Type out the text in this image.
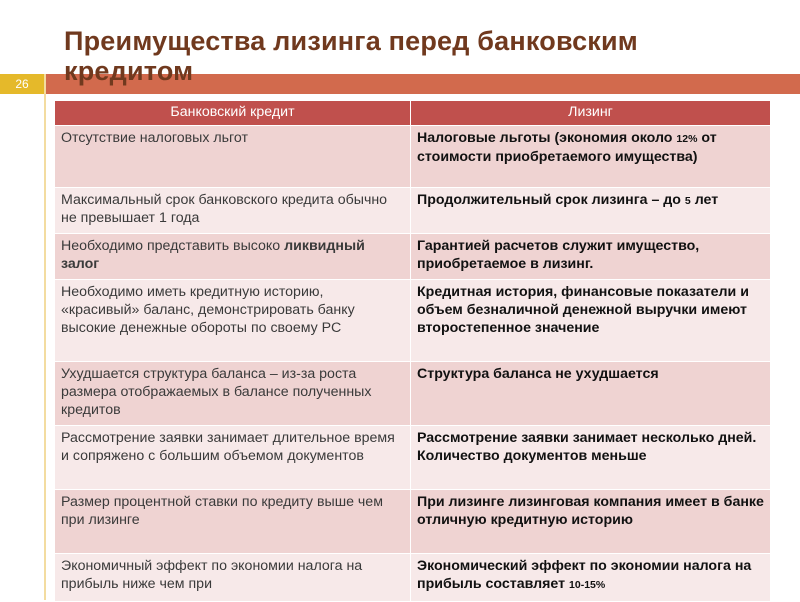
Преимущества лизинга перед банковским кредитом
26
Банковский кредит	Лизинг
Отсутствие налоговых льгот	Налоговые льготы (экономия около 12% от стоимости приобретаемого имущества)
Максимальный срок банковского кредита обычно не превышает 1 года	Продолжительный срок лизинга – до 5 лет
Необходимо представить высоко ликвидный залог	Гарантией расчетов служит имущество, приобретаемое в лизинг.
Необходимо иметь кредитную историю, «красивый» баланс, демонстрировать банку высокие денежные обороты по своему РС	Кредитная история, финансовые показатели и объем безналичной денежной выручки имеют второстепенное значение
Ухудшается структура баланса – из-за роста размера отображаемых в балансе полученных кредитов	Структура баланса не ухудшается
Рассмотрение заявки занимает длительное время и сопряжено с большим объемом документов	Рассмотрение заявки занимает несколько дней. Количество документов меньше
Размер процентной ставки по кредиту выше чем при лизинге	При лизинге лизинговая компания имеет в банке отличную кредитную историю
Экономичный эффект по экономии налога на прибыль ниже чем при	Экономический эффект по экономии налога на прибыль составляет 10-15%
